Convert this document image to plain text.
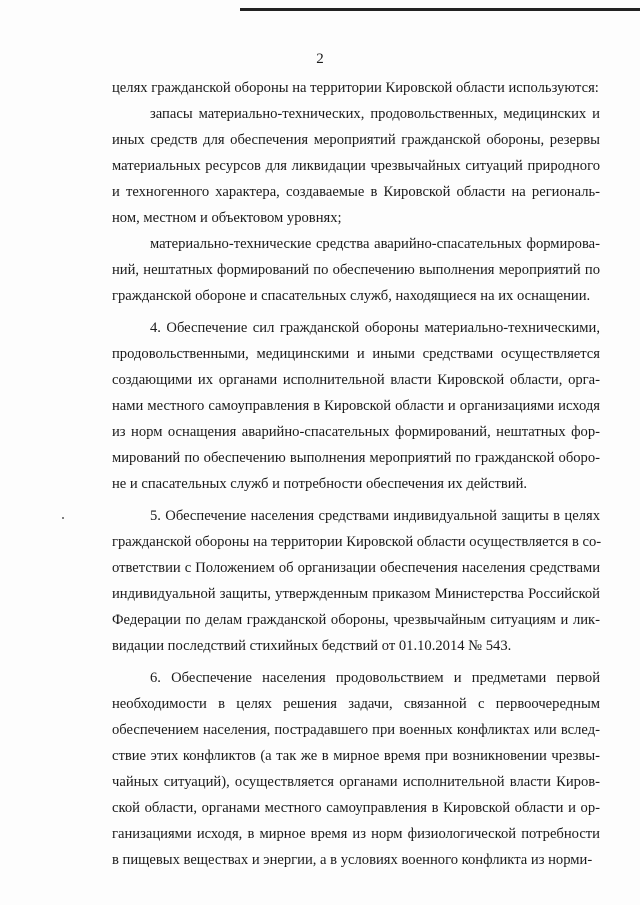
2
целях гражданской обороны на территории Кировской области используются:
запасы материально-технических, продовольственных, медицинских и
иных средств для обеспечения мероприятий гражданской обороны, резервы
материальных ресурсов для ликвидации чрезвычайных ситуаций природного
и техногенного характера, создаваемые в Кировской области на региональ-
ном, местном и объектовом уровнях;
материально-технические средства аварийно-спасательных формирова-
ний, нештатных формирований по обеспечению выполнения мероприятий по
гражданской обороне и спасательных служб, находящиеся на их оснащении.
4. Обеспечение сил гражданской обороны материально-техническими,
продовольственными, медицинскими и иными средствами осуществляется
создающими их органами исполнительной власти Кировской области, орга-
нами местного самоуправления в Кировской области и организациями исходя
из норм оснащения аварийно-спасательных формирований, нештатных фор-
мирований по обеспечению выполнения мероприятий по гражданской оборо-
не и спасательных служб и потребности обеспечения их действий.
5. Обеспечение населения средствами индивидуальной защиты в целях
гражданской обороны на территории Кировской области осуществляется в со-
ответствии с Положением об организации обеспечения населения средствами
индивидуальной защиты, утвержденным приказом Министерства Российской
Федерации по делам гражданской обороны, чрезвычайным ситуациям и лик-
видации последствий стихийных бедствий от 01.10.2014 № 543.
6. Обеспечение населения продовольствием и предметами первой
необходимости в целях решения задачи, связанной с первоочередным
обеспечением населения, пострадавшего при военных конфликтах или вслед-
ствие этих конфликтов (а так же в мирное время при возникновении чрезвы-
чайных ситуаций), осуществляется органами исполнительной власти Киров-
ской области, органами местного самоуправления в Кировской области и ор-
ганизациями исходя, в мирное время из норм физиологической потребности
в пищевых веществах и энергии, а в условиях военного конфликта из норми-
